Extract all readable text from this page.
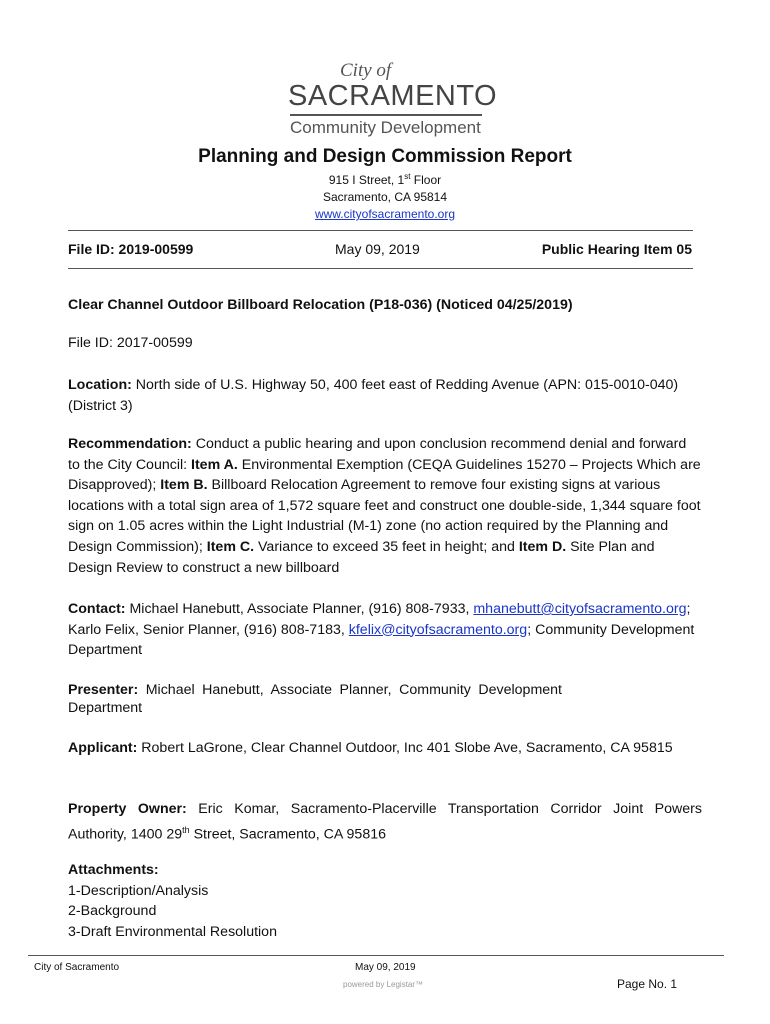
City of
SACRAMENTO
Community Development
Planning and Design Commission Report
915 I Street, 1st Floor
Sacramento, CA 95814
www.cityofsacramento.org
File ID: 2019-00599	May 09, 2019	Public Hearing Item 05
Clear Channel Outdoor Billboard Relocation (P18-036) (Noticed 04/25/2019)
File ID: 2017-00599
Location: North side of U.S. Highway 50, 400 feet east of Redding Avenue (APN: 015-0010-040) (District 3)
Recommendation: Conduct a public hearing and upon conclusion recommend denial and forward to the City Council: Item A. Environmental Exemption (CEQA Guidelines 15270 – Projects Which are Disapproved); Item B. Billboard Relocation Agreement to remove four existing signs at various locations with a total sign area of 1,572 square feet and construct one double-side, 1,344 square foot sign on 1.05 acres within the Light Industrial (M-1) zone (no action required by the Planning and Design Commission); Item C. Variance to exceed 35 feet in height; and Item D. Site Plan and Design Review to construct a new billboard
Contact: Michael Hanebutt, Associate Planner, (916) 808-7933, mhanebutt@cityofsacramento.org; Karlo Felix, Senior Planner, (916) 808-7183, kfelix@cityofsacramento.org; Community Development Department
Presenter: Michael Hanebutt, Associate Planner, Community Development Department
Applicant: Robert LaGrone, Clear Channel Outdoor, Inc 401 Slobe Ave, Sacramento, CA 95815
Property Owner: Eric Komar, Sacramento-Placerville Transportation Corridor Joint Powers Authority, 1400 29th Street, Sacramento, CA 95816
Attachments:
1-Description/Analysis
2-Background
3-Draft Environmental Resolution
City of Sacramento	May 09, 2019
powered by Legistar™	Page No. 1
